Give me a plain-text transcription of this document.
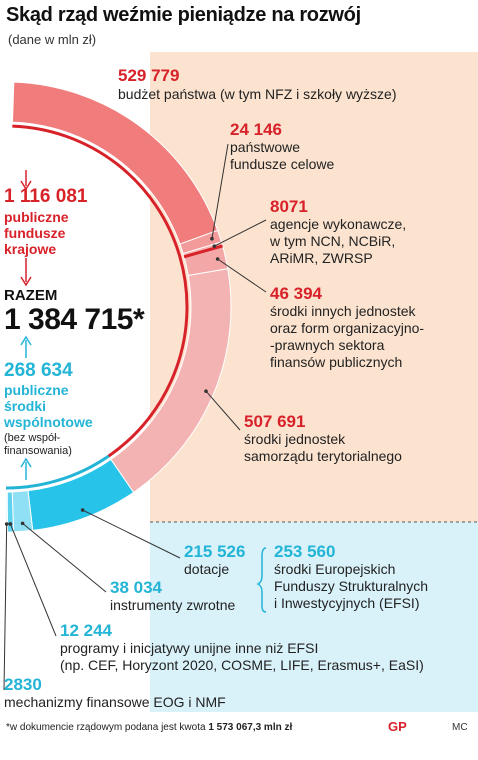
Skąd rząd weźmie pieniądze na rozwój
(dane w mln zł)
529 779
budżet państwa (w tym NFZ i szkoły wyższe)
24 146
państwowe
fundusze celowe
8071
agencje wykonawcze,
w tym NCN, NCBiR,
ARiMR, ZWRSP
46 394
środki innych jednostek
oraz form organizacyjno-
-prawnych sektora
finansów publicznych
507 691
środki jednostek
samorządu terytorialnego
1 116 081
publiczne
fundusze
krajowe
RAZEM
1 384 715*
268 634
publiczne
środki
wspólnotowe
(bez współ-
finansowania)
215 526
dotacje
253 560
środki Europejskich
Funduszy Strukturalnych
i Inwestycyjnych (EFSI)
38 034
instrumenty zwrotne
12 244
programy i inicjatywy unijne inne niż EFSI
(np. CEF, Horyzont 2020, COSME, LIFE, Erasmus+, EaSI)
2830
mechanizmy finansowe EOG i NMF
*w dokumencie rządowym podana jest kwota 1 573 067,3 mln zł	GP	MC
